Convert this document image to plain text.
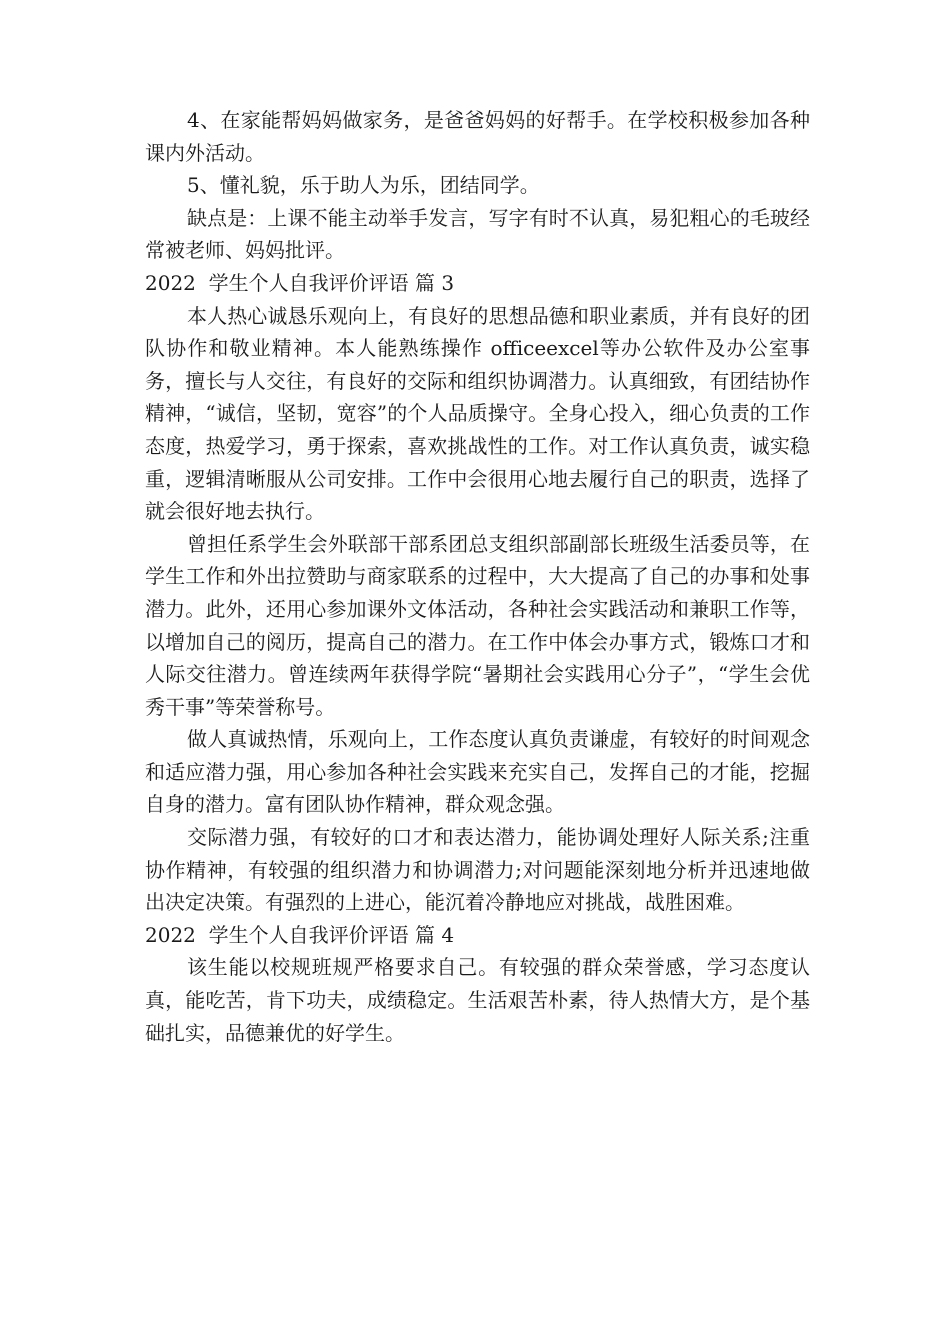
4、在家能帮妈妈做家务，是爸爸妈妈的好帮手。在学校积极参加各种课内外活动。

5、懂礼貌，乐于助人为乐，团结同学。

缺点是：上课不能主动举手发言，写字有时不认真，易犯粗心的毛玻经常被老师、妈妈批评。

2022  学生个人自我评价评语 篇 3

本人热心诚恳乐观向上，有良好的思想品德和职业素质，并有良好的团队协作和敬业精神。本人能熟练操作 officeexcel等办公软件及办公室事务，擅长与人交往，有良好的交际和组织协调潜力。认真细致，有团结协作精神，“诚信，坚韧，宽容”的个人品质操守。全身心投入，细心负责的工作态度，热爱学习，勇于探索，喜欢挑战性的工作。对工作认真负责，诚实稳重，逻辑清晰服从公司安排。工作中会很用心地去履行自己的职责，选择了就会很好地去执行。

曾担任系学生会外联部干部系团总支组织部副部长班级生活委员等，在学生工作和外出拉赞助与商家联系的过程中，大大提高了自己的办事和处事潜力。此外，还用心参加课外文体活动，各种社会实践活动和兼职工作等，以增加自己的阅历，提高自己的潜力。在工作中体会办事方式，锻炼口才和人际交往潜力。曾连续两年获得学院“暑期社会实践用心分子”，“学生会优秀干事”等荣誉称号。

做人真诚热情，乐观向上，工作态度认真负责谦虚，有较好的时间观念和适应潜力强，用心参加各种社会实践来充实自己，发挥自己的才能，挖掘自身的潜力。富有团队协作精神，群众观念强。

交际潜力强，有较好的口才和表达潜力，能协调处理好人际关系;注重协作精神，有较强的组织潜力和协调潜力;对问题能深刻地分析并迅速地做出决定决策。有强烈的上进心，能沉着冷静地应对挑战，战胜困难。

2022  学生个人自我评价评语 篇 4

该生能以校规班规严格要求自己。有较强的群众荣誉感，学习态度认真，能吃苦，肯下功夫，成绩稳定。生活艰苦朴素，待人热情大方，是个基础扎实，品德兼优的好学生。
